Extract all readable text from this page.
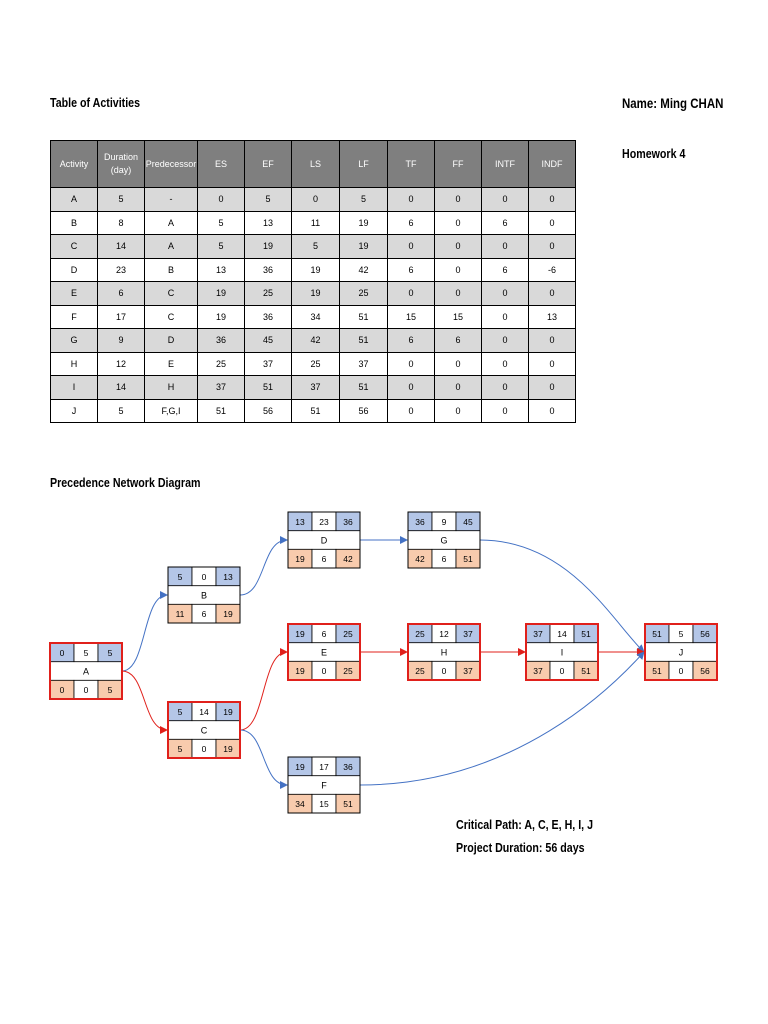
Table of Activities	Name: Ming CHAN
Homework 4
Activity	Duration (day)	Predecessor	ES	EF	LS	LF	TF	FF	INTF	INDF
A	5	-	0	5	0	5	0	0	0	0
B	8	A	5	13	11	19	6	0	6	0
C	14	A	5	19	5	19	0	0	0	0
D	23	B	13	36	19	42	6	0	6	-6
E	6	C	19	25	19	25	0	0	0	0
F	17	C	19	36	34	51	15	15	0	13
G	9	D	36	45	42	51	6	6	0	0
H	12	E	25	37	25	37	0	0	0	0
I	14	H	37	51	37	51	0	0	0	0
J	5	F,G,I	51	56	51	56	0	0	0	0
Precedence Network Diagram
A
0 5 5
0 0 5
B
5 0 13
11 6 19
C
5 14 19
5 0 19
D
13 23 36
19 6 42
E
19 6 25
19 0 25
F
19 17 36
34 15 51
G
36 9 45
42 6 51
H
25 12 37
25 0 37
I
37 14 51
37 0 51
J
51 5 56
51 0 56
Critical Path: A, C, E, H, I, J
Project Duration: 56 days
